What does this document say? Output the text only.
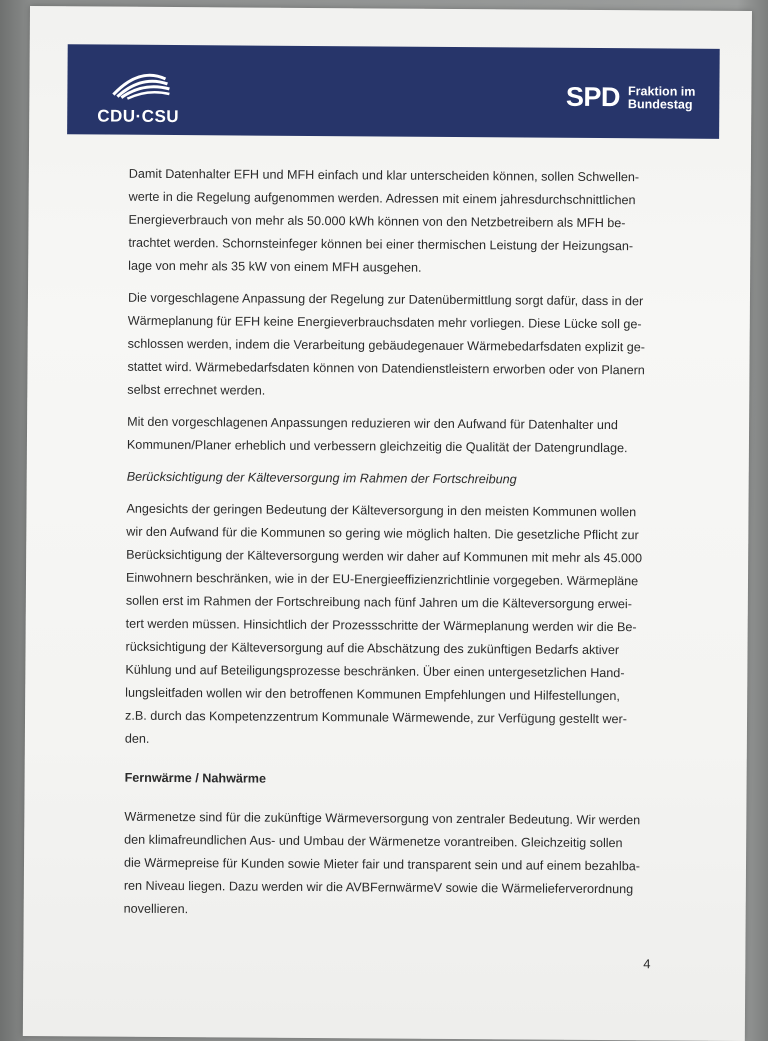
CDU·CSU
SPD Fraktion im
Bundestag

Damit Datenhalter EFH und MFH einfach und klar unterscheiden können, sollen Schwellen-
werte in die Regelung aufgenommen werden. Adressen mit einem jahresdurchschnittlichen
Energieverbrauch von mehr als 50.000 kWh können von den Netzbetreibern als MFH be-
trachtet werden. Schornsteinfeger können bei einer thermischen Leistung der Heizungsan-
lage von mehr als 35 kW von einem MFH ausgehen.

Die vorgeschlagene Anpassung der Regelung zur Datenübermittlung sorgt dafür, dass in der
Wärmeplanung für EFH keine Energieverbrauchsdaten mehr vorliegen. Diese Lücke soll ge-
schlossen werden, indem die Verarbeitung gebäudegenauer Wärmebedarfsdaten explizit ge-
stattet wird. Wärmebedarfsdaten können von Datendienstleistern erworben oder von Planern
selbst errechnet werden.

Mit den vorgeschlagenen Anpassungen reduzieren wir den Aufwand für Datenhalter und
Kommunen/Planer erheblich und verbessern gleichzeitig die Qualität der Datengrundlage.

Berücksichtigung der Kälteversorgung im Rahmen der Fortschreibung

Angesichts der geringen Bedeutung der Kälteversorgung in den meisten Kommunen wollen
wir den Aufwand für die Kommunen so gering wie möglich halten. Die gesetzliche Pflicht zur
Berücksichtigung der Kälteversorgung werden wir daher auf Kommunen mit mehr als 45.000
Einwohnern beschränken, wie in der EU-Energieeffizienzrichtlinie vorgegeben. Wärmepläne
sollen erst im Rahmen der Fortschreibung nach fünf Jahren um die Kälteversorgung erwei-
tert werden müssen. Hinsichtlich der Prozessschritte der Wärmeplanung werden wir die Be-
rücksichtigung der Kälteversorgung auf die Abschätzung des zukünftigen Bedarfs aktiver
Kühlung und auf Beteiligungsprozesse beschränken. Über einen untergesetzlichen Hand-
lungsleitfaden wollen wir den betroffenen Kommunen Empfehlungen und Hilfestellungen,
z.B. durch das Kompetenzzentrum Kommunale Wärmewende, zur Verfügung gestellt wer-
den.

Fernwärme / Nahwärme

Wärmenetze sind für die zukünftige Wärmeversorgung von zentraler Bedeutung. Wir werden
den klimafreundlichen Aus- und Umbau der Wärmenetze vorantreiben. Gleichzeitig sollen
die Wärmepreise für Kunden sowie Mieter fair und transparent sein und auf einem bezahlba-
ren Niveau liegen. Dazu werden wir die AVBFernwärmeV sowie die Wärmelieferverordnung
novellieren.

4
